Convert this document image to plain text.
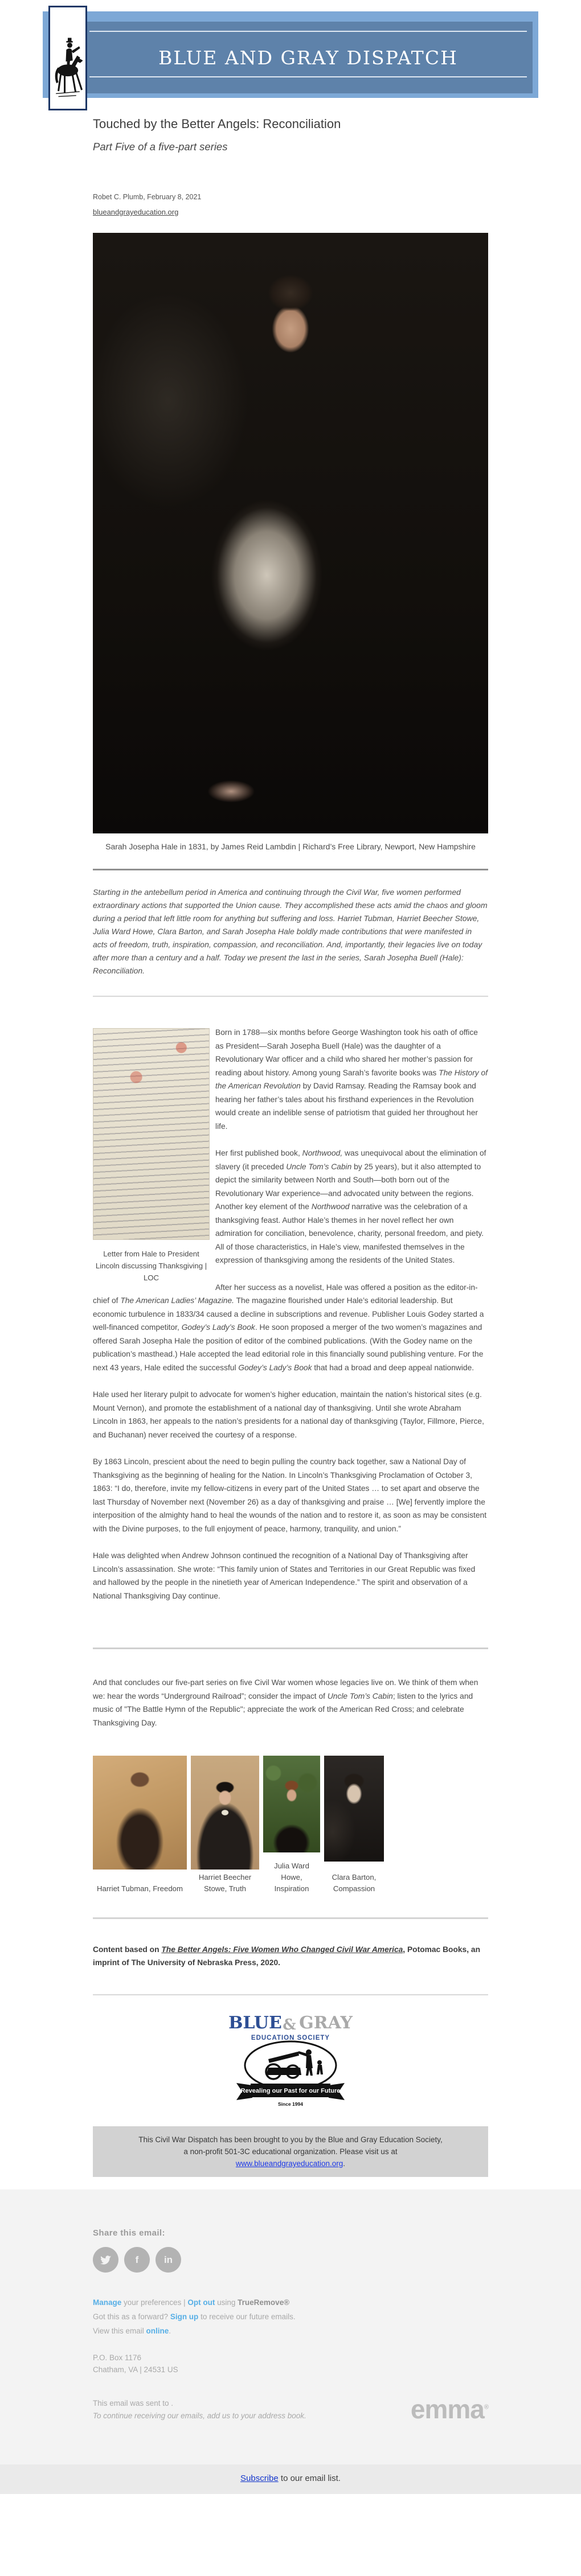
BLUE AND GRAY DISPATCH
Touched by the Better Angels: Reconciliation
Part Five of a five-part series
Robet C. Plumb, February 8, 2021
blueandgrayeducation.org
Sarah Josepha Hale in 1831, by James Reid Lambdin | Richard’s Free Library, Newport, New Hampshire

Starting in the antebellum period in America and continuing through the Civil War, five women performed extraordinary actions that supported the Union cause. They accomplished these acts amid the chaos and gloom during a period that left little room for anything but suffering and loss. Harriet Tubman, Harriet Beecher Stowe, Julia Ward Howe, Clara Barton, and Sarah Josepha Hale boldly made contributions that were manifested in acts of freedom, truth, inspiration, compassion, and reconciliation. And, importantly, their legacies live on today after more than a century and a half. Today we present the last in the series, Sarah Josepha Buell (Hale): Reconciliation.

Letter from Hale to President Lincoln discussing Thanksgiving | LOC

Born in 1788—six months before George Washington took his oath of office as President—Sarah Josepha Buell (Hale) was the daughter of a Revolutionary War officer and a child who shared her mother’s passion for reading about history. Among young Sarah’s favorite books was The History of the American Revolution by David Ramsay. Reading the Ramsay book and hearing her father’s tales about his firsthand experiences in the Revolution would create an indelible sense of patriotism that guided her throughout her life.

Her first published book, Northwood, was unequivocal about the elimination of slavery (it preceded Uncle Tom’s Cabin by 25 years), but it also attempted to depict the similarity between North and South—both born out of the Revolutionary War experience—and advocated unity between the regions. Another key element of the Northwood narrative was the celebration of a thanksgiving feast. Author Hale’s themes in her novel reflect her own admiration for conciliation, benevolence, charity, personal freedom, and piety. All of those characteristics, in Hale’s view, manifested themselves in the expression of thanksgiving among the residents of the United States.

After her success as a novelist, Hale was offered a position as the editor-in-chief of The American Ladies’ Magazine. The magazine flourished under Hale’s editorial leadership. But economic turbulence in 1833/34 caused a decline in subscriptions and revenue. Publisher Louis Godey started a well-financed competitor, Godey’s Lady’s Book. He soon proposed a merger of the two women’s magazines and offered Sarah Josepha Hale the position of editor of the combined publications. (With the Godey name on the publication’s masthead.) Hale accepted the lead editorial role in this financially sound publishing venture. For the next 43 years, Hale edited the successful Godey’s Lady’s Book that had a broad and deep appeal nationwide.

Hale used her literary pulpit to advocate for women’s higher education, maintain the nation’s historical sites (e.g. Mount Vernon), and promote the establishment of a national day of thanksgiving. Until she wrote Abraham Lincoln in 1863, her appeals to the nation’s presidents for a national day of thanksgiving (Taylor, Fillmore, Pierce, and Buchanan) never received the courtesy of a response.

By 1863 Lincoln, prescient about the need to begin pulling the country back together, saw a National Day of Thanksgiving as the beginning of healing for the Nation. In Lincoln’s Thanksgiving Proclamation of October 3, 1863: “I do, therefore, invite my fellow-citizens in every part of the United States … to set apart and observe the last Thursday of November next (November 26) as a day of thanksgiving and praise … [We] fervently implore the interposition of the almighty hand to heal the wounds of the nation and to restore it, as soon as may be consistent with the Divine purposes, to the full enjoyment of peace, harmony, tranquility, and union.”

Hale was delighted when Andrew Johnson continued the recognition of a National Day of Thanksgiving after Lincoln’s assassination. She wrote: “This family union of States and Territories in our Great Republic was fixed and hallowed by the people in the ninetieth year of American Independence.” The spirit and observation of a National Thanksgiving Day continue.

And that concludes our five-part series on five Civil War women whose legacies live on. We think of them when we: hear the words “Underground Railroad”; consider the impact of Uncle Tom’s Cabin; listen to the lyrics and music of "The Battle Hymn of the Republic"; appreciate the work of the American Red Cross; and celebrate Thanksgiving Day.

Harriet Tubman, Freedom
Harriet Beecher Stowe, Truth
Julia Ward Howe, Inspiration
Clara Barton, Compassion

Content based on The Better Angels: Five Women Who Changed Civil War America, Potomac Books, an imprint of The University of Nebraska Press, 2020.

BLUE & GRAY
EDUCATION SOCIETY
Revealing our Past for our Future
Since 1994
This Civil War Dispatch has been brought to you by the Blue and Gray Education Society, a non-profit 501-3C educational organization. Please visit us at www.blueandgrayeducation.org.
Share this email:
f	in
Manage your preferences | Opt out using TrueRemove®
Got this as a forward? Sign up to receive our future emails.
View this email online.
P.O. Box 1176
Chatham, VA | 24531 US
This email was sent to .
To continue receiving our emails, add us to your address book.	emma®
Subscribe to our email list.
